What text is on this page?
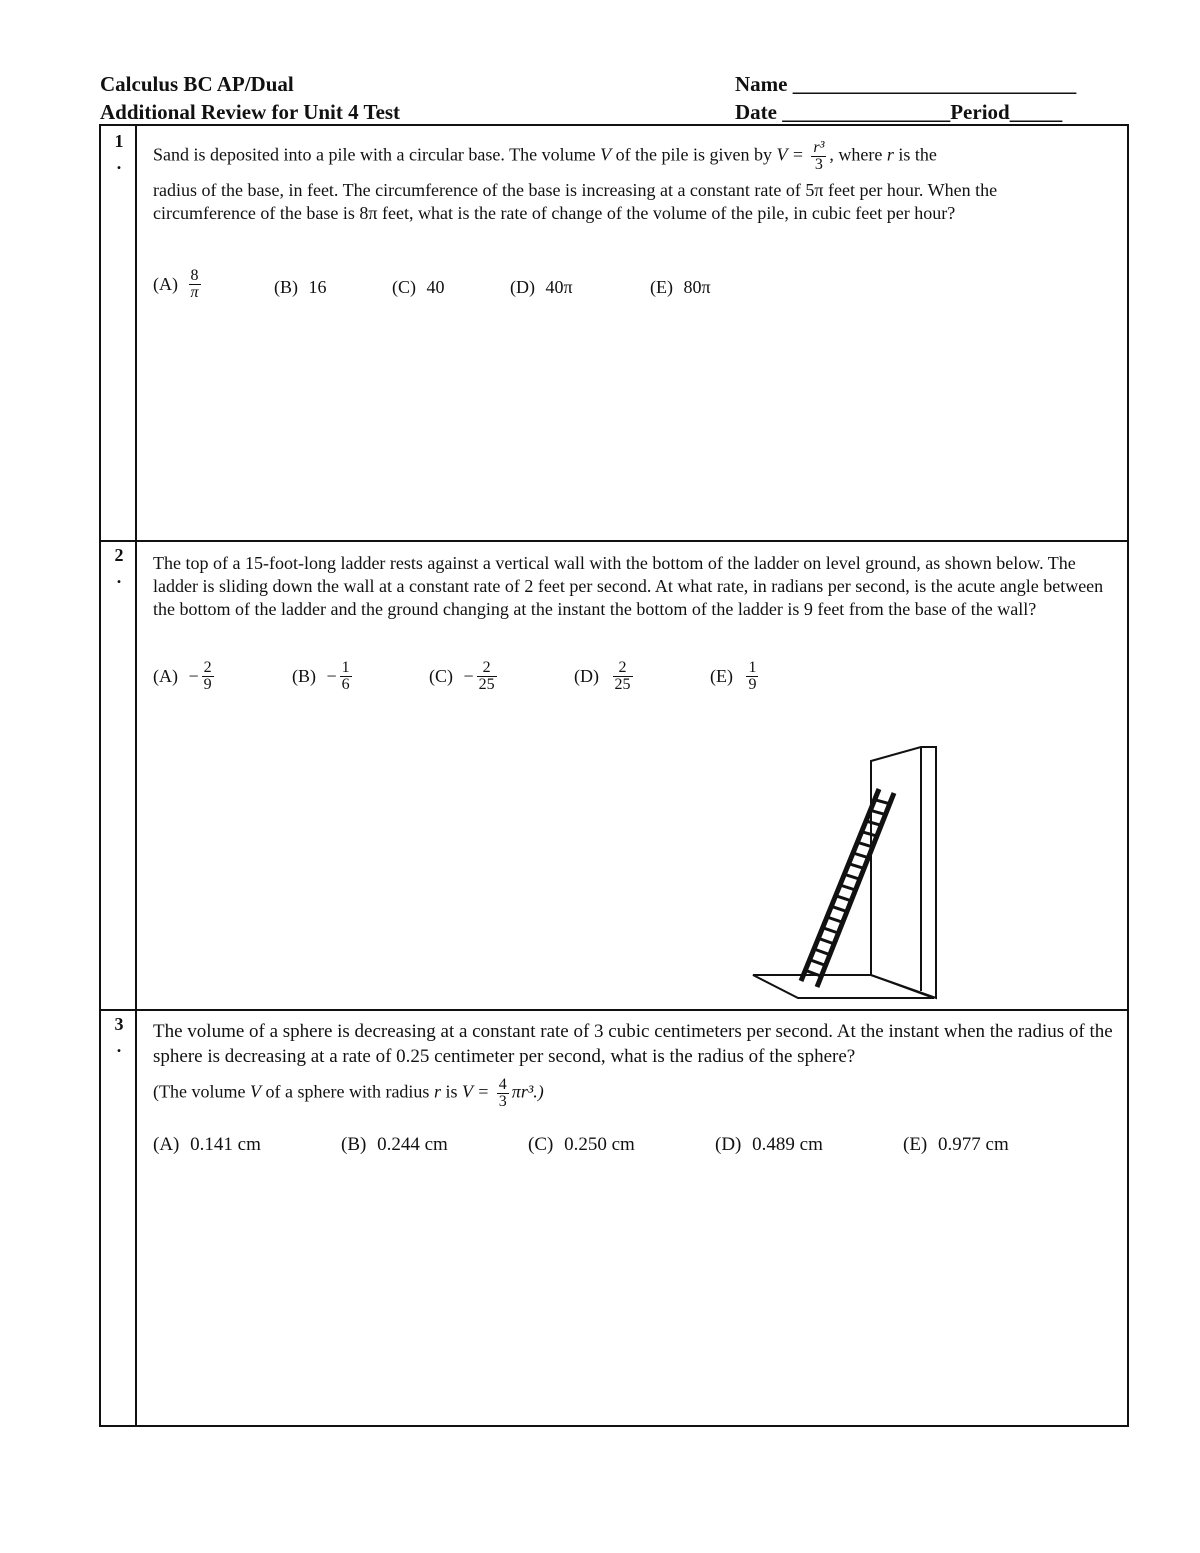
Calculus BC AP/Dual
Additional Review for Unit 4 Test
Name ___________________________
Date ________________Period_____
1
. Sand is deposited into a pile with a circular base. The volume V of the pile is given by $V = \frac{\text{r³}}{3}$ , where r is the

radius of the base, in feet. The circumference of the base is increasing at a constant rate of 5π feet per hour. When the circumference of the base is 8π feet, what is the rate of change of the volume of the pile, in cubic feet per hour?

$(A) \frac{8}{\pi}$	(B) 16	(C) 40	(D) 40π	(E) 80π
2
.

The top of a 15-foot-long ladder rests against a vertical wall with the bottom of the ladder on level ground, as shown below. The ladder is sliding down the wall at a constant rate of 2 feet per second. At what rate, in radians per second, is the acute angle between the bottom of the ladder and the ground changing at the instant the bottom of the ladder is 9 feet from the base of the wall?

$(A) - \frac{2}{9}$	$(B) - \frac{1}{6}$	$(C) - \frac{2}{25}$	$(D) \frac{2}{25}$	$(E) \frac{1}{9}$
3
.

The volume of a sphere is decreasing at a constant rate of 3 cubic centimeters per second. At the instant when the radius of the sphere is decreasing at a rate of 0.25 centimeter per second, what is the radius of the sphere?

(The volume V of a sphere with radius r is $V = \frac{4}{3} \pi r^3$.)

(A) 0.141 cm	(B) 0.244 cm	(C) 0.250 cm	(D) 0.489 cm	(E) 0.977 cm
